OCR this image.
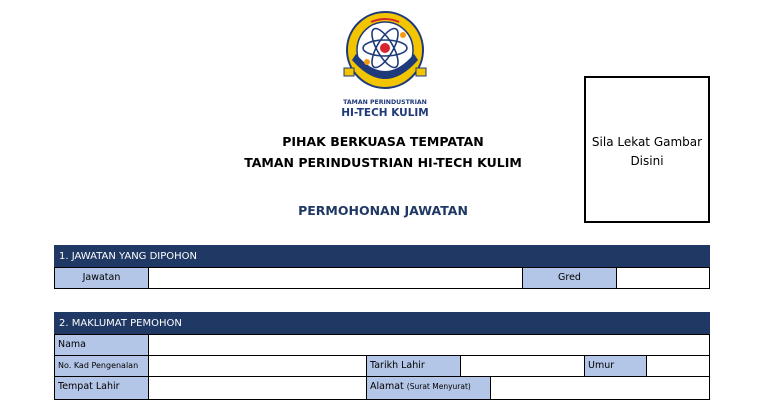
TAMAN PERINDUSTRIAN
HI-TECH KULIM
PIHAK BERKUASA TEMPATAN
TAMAN PERINDUSTRIAN HI-TECH KULIM
PERMOHONAN JAWATAN
Sila Lekat Gambar
Disini
1. JAWATAN YANG DIPOHON
Jawatan	Gred
2. MAKLUMAT PEMOHON
Nama
No. Kad Pengenalan	Tarikh Lahir	Umur
Tempat Lahir	Alamat (Surat Menyurat)
